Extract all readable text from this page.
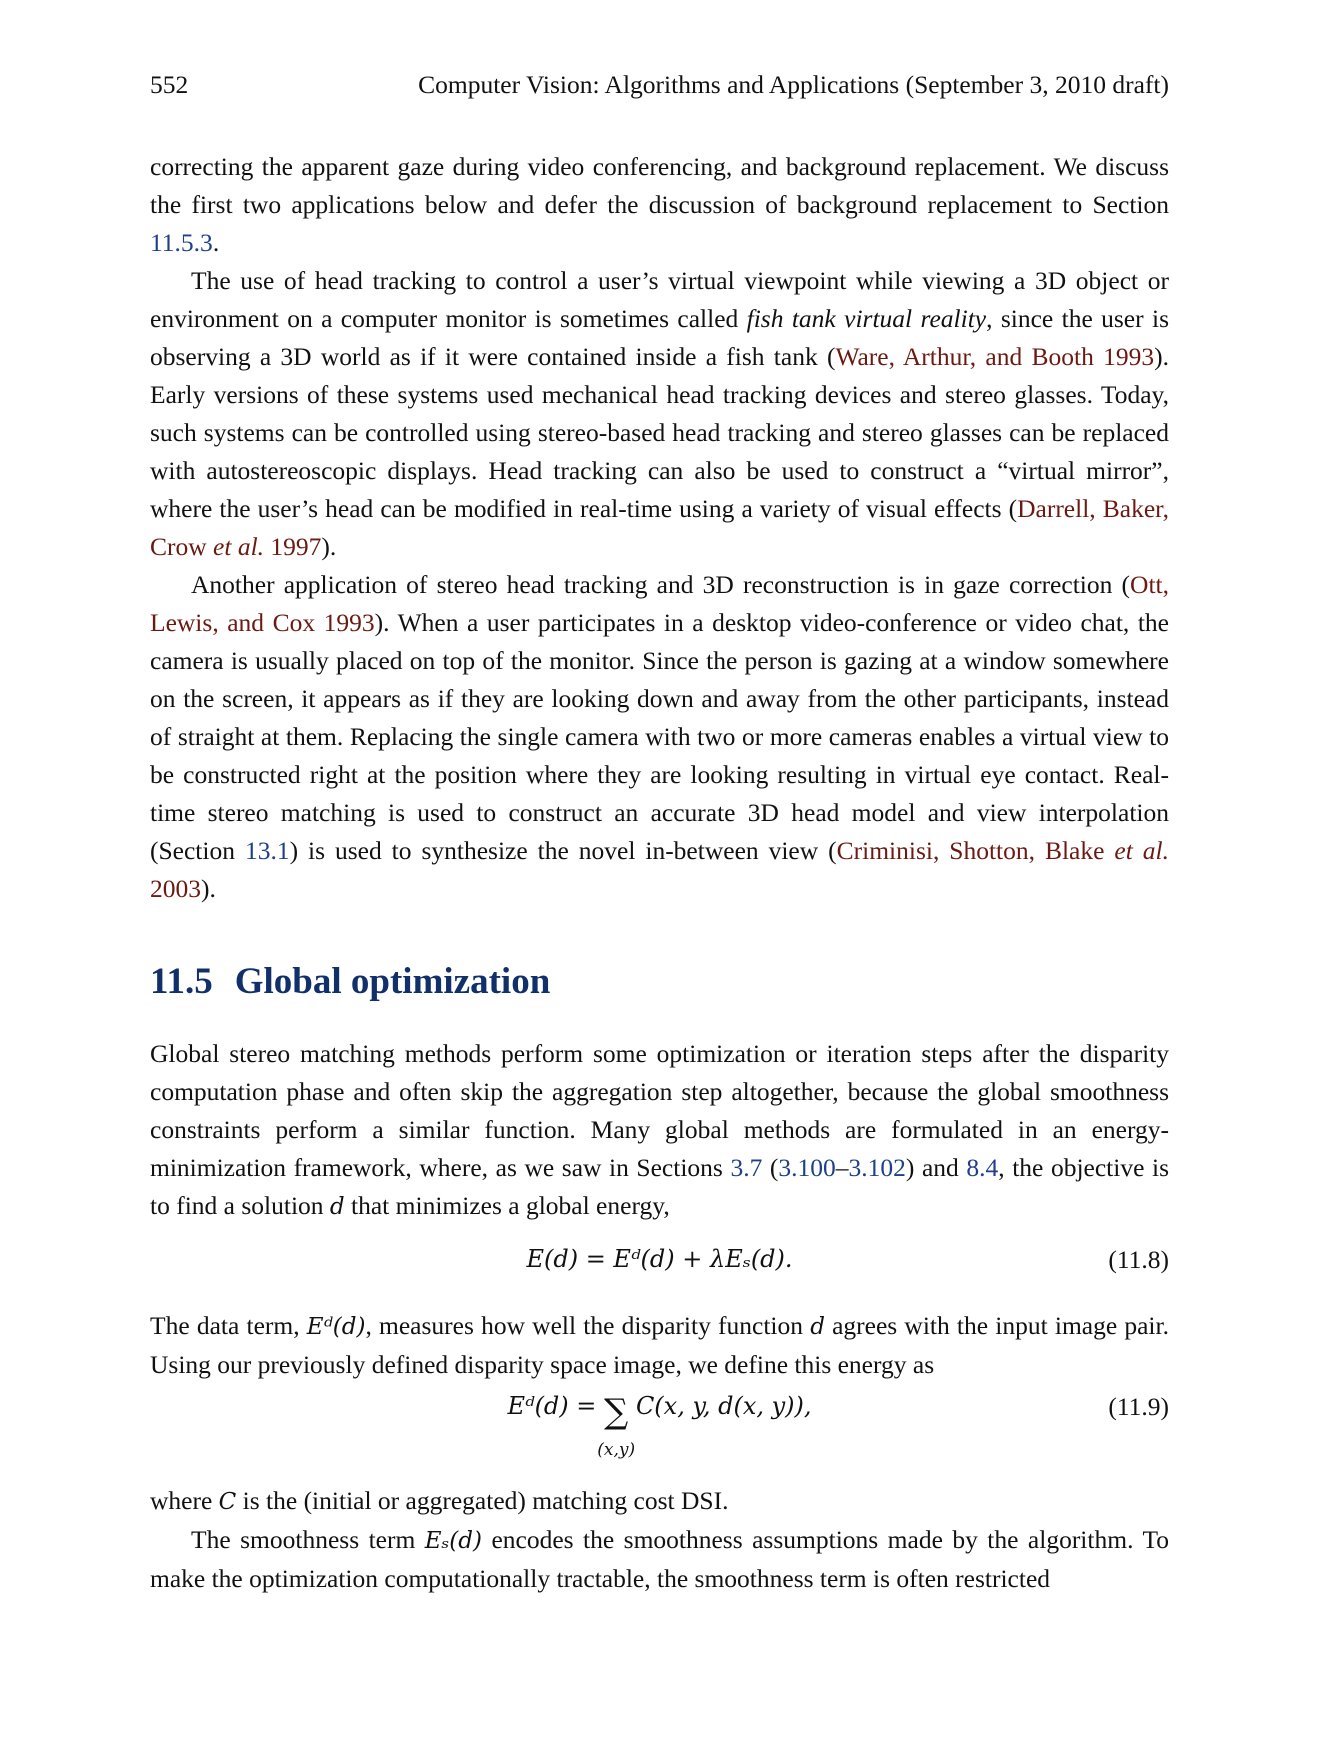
552	Computer Vision: Algorithms and Applications (September 3, 2010 draft)

correcting the apparent gaze during video conferencing, and background replacement. We discuss the first two applications below and defer the discussion of background replacement to Section 11.5.3.

The use of head tracking to control a user’s virtual viewpoint while viewing a 3D object or environment on a computer monitor is sometimes called fish tank virtual reality, since the user is observing a 3D world as if it were contained inside a fish tank (Ware, Arthur, and Booth 1993). Early versions of these systems used mechanical head tracking devices and stereo glasses. Today, such systems can be controlled using stereo-based head tracking and stereo glasses can be replaced with autostereoscopic displays. Head tracking can also be used to construct a “virtual mirror”, where the user’s head can be modified in real-time using a variety of visual effects (Darrell, Baker, Crow et al. 1997).

Another application of stereo head tracking and 3D reconstruction is in gaze correction (Ott, Lewis, and Cox 1993). When a user participates in a desktop video-conference or video chat, the camera is usually placed on top of the monitor. Since the person is gazing at a window somewhere on the screen, it appears as if they are looking down and away from the other participants, instead of straight at them. Replacing the single camera with two or more cameras enables a virtual view to be constructed right at the position where they are looking resulting in virtual eye contact. Real-time stereo matching is used to construct an accurate 3D head model and view interpolation (Section 13.1) is used to synthesize the novel in-between view (Criminisi, Shotton, Blake et al. 2003).

11.5 Global optimization

Global stereo matching methods perform some optimization or iteration steps after the disparity computation phase and often skip the aggregation step altogether, because the global smoothness constraints perform a similar function. Many global methods are formulated in an energy-minimization framework, where, as we saw in Sections 3.7 (3.100–3.102) and 8.4, the objective is to find a solution d that minimizes a global energy,

E(d) = Eᵈ(d) + λEₛ(d).	(11.8)

The data term, Eᵈ(d), measures how well the disparity function d agrees with the input image pair. Using our previously defined disparity space image, we define this energy as

Eᵈ(d) = ∑
(x,y)
C(x, y, d(x, y)),	(11.9)

where C is the (initial or aggregated) matching cost DSI.

The smoothness term Eₛ(d) encodes the smoothness assumptions made by the algorithm. To make the optimization computationally tractable, the smoothness term is often restricted
